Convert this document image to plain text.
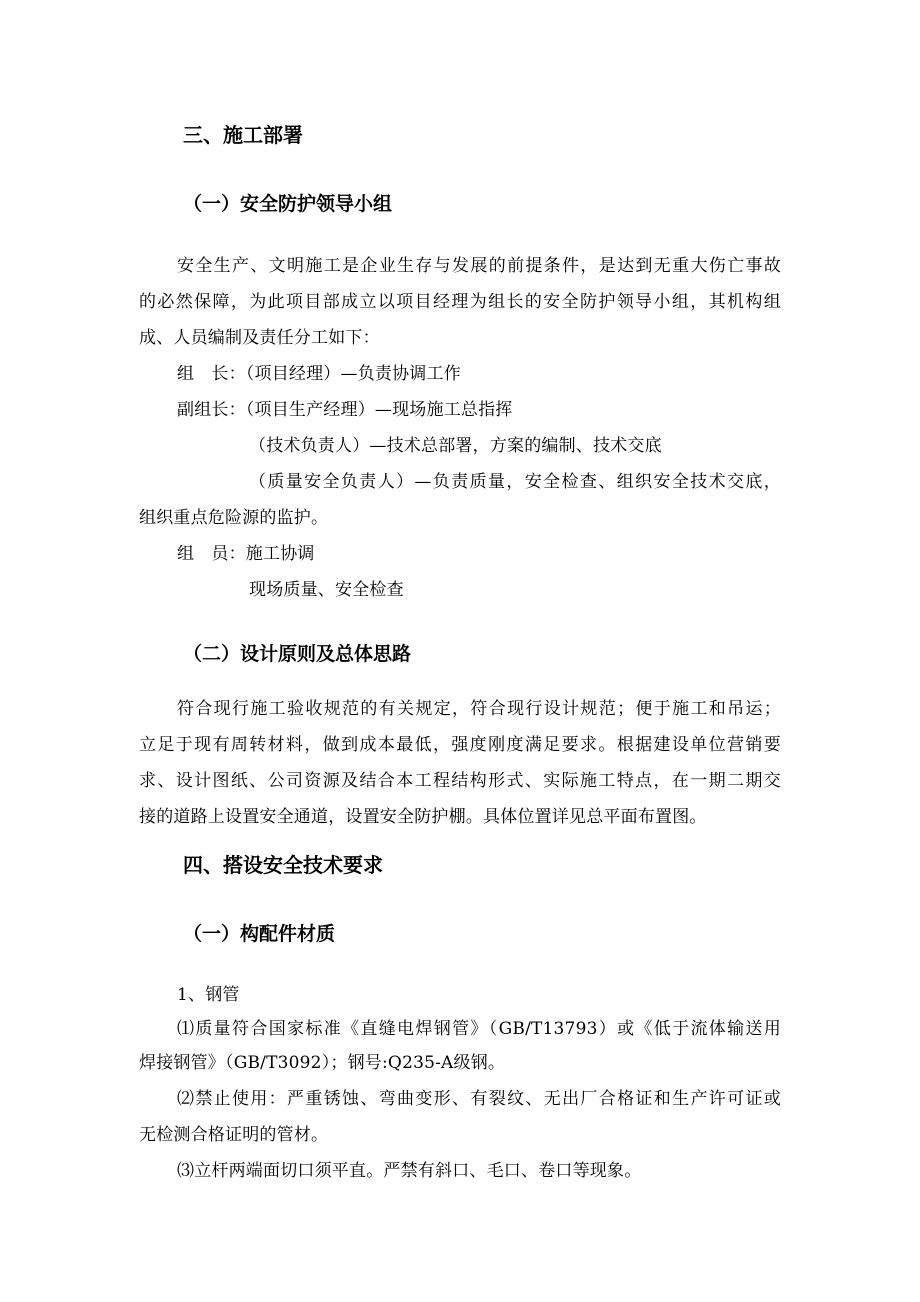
三、施工部署
（一）安全防护领导小组
安全生产、文明施工是企业生存与发展的前提条件，是达到无重大伤亡事故
的必然保障，为此项目部成立以项目经理为组长的安全防护领导小组，其机构组
成、人员编制及责任分工如下：
组　长：（项目经理）—负责协调工作
副组长：（项目生产经理）—现场施工总指挥
（技术负责人）—技术总部署，方案的编制、技术交底
（质量安全负责人）—负责质量，安全检查、组织安全技术交底，
组织重点危险源的监护。
组　员：施工协调
现场质量、安全检查
（二）设计原则及总体思路
符合现行施工验收规范的有关规定，符合现行设计规范；便于施工和吊运；
立足于现有周转材料，做到成本最低，强度刚度满足要求。根据建设单位营销要
求、设计图纸、公司资源及结合本工程结构形式、实际施工特点，在一期二期交
接的道路上设置安全通道，设置安全防护棚。具体位置详见总平面布置图。
四、搭设安全技术要求
（一）构配件材质
1、钢管
⑴质量符合国家标准《直缝电焊钢管》（GB/T13793）或《低于流体输送用
焊接钢管》（GB/T3092）；钢号:Q235-A级钢。
⑵禁止使用：严重锈蚀、弯曲变形、有裂纹、无出厂合格证和生产许可证或
无检测合格证明的管材。
⑶立杆两端面切口须平直。严禁有斜口、毛口、卷口等现象。
